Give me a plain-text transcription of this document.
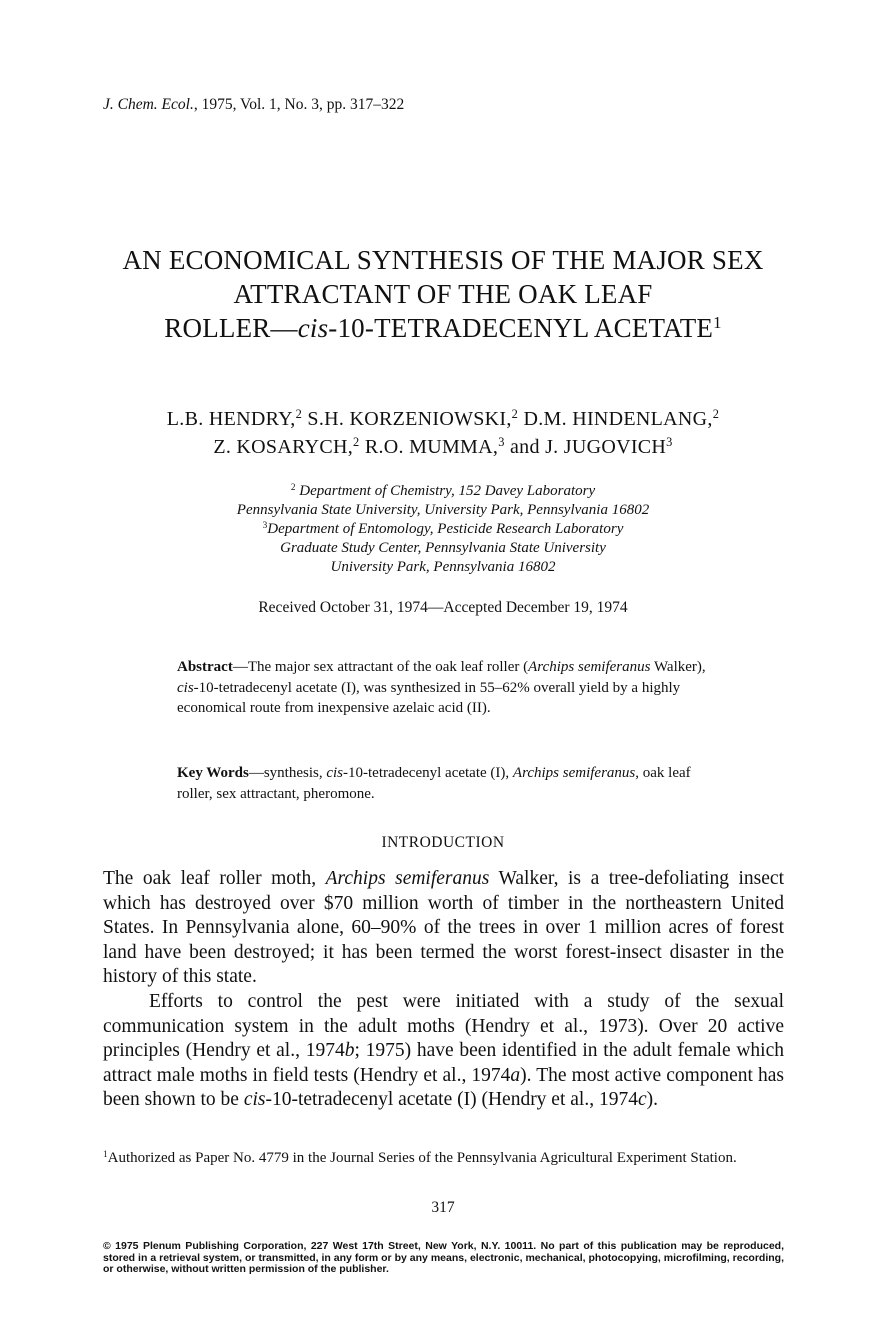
J. Chem. Ecol., 1975, Vol. 1, No. 3, pp. 317–322
AN ECONOMICAL SYNTHESIS OF THE MAJOR SEX
ATTRACTANT OF THE OAK LEAF
ROLLER—cis-10-TETRADECENYL ACETATE$^1$
L.B. HENDRY,$^2$ S.H. KORZENIOWSKI,$^2$ D.M. HINDENLANG,$^2$
Z. KOSARYCH,$^2$ R.O. MUMMA,$^3$ and J. JUGOVICH$^3$
$^2$ Department of Chemistry, 152 Davey Laboratory
Pennsylvania State University, University Park, Pennsylvania 16802
$^3$Department of Entomology, Pesticide Research Laboratory
Graduate Study Center, Pennsylvania State University
University Park, Pennsylvania 16802
Received October 31, 1974—Accepted December 19, 1974
Abstract—The major sex attractant of the oak leaf roller (Archips semiferanus Walker), cis-10-tetradecenyl acetate (I), was synthesized in 55–62% overall yield by a highly economical route from inexpensive azelaic acid (II).
Key Words—synthesis, cis-10-tetradecenyl acetate (I), Archips semiferanus, oak leaf roller, sex attractant, pheromone.
INTRODUCTION

The oak leaf roller moth, Archips semiferanus Walker, is a tree-defoliating insect which has destroyed over $70 million worth of timber in the northeastern United States. In Pennsylvania alone, 60–90% of the trees in over 1 million acres of forest land have been destroyed; it has been termed the worst forest-insect disaster in the history of this state.

Efforts to control the pest were initiated with a study of the sexual communication system in the adult moths (Hendry et al., 1973). Over 20 active principles (Hendry et al., 1974b; 1975) have been identified in the adult female which attract male moths in field tests (Hendry et al., 1974a). The most active component has been shown to be cis-10-tetradecenyl acetate (I) (Hendry et al., 1974c).

$^1$Authorized as Paper No. 4779 in the Journal Series of the Pennsylvania Agricultural Experiment Station.
317
© 1975 Plenum Publishing Corporation, 227 West 17th Street, New York, N.Y. 10011. No part of this publication may be reproduced, stored in a retrieval system, or transmitted, in any form or by any means, electronic, mechanical, photocopying, microfilming, recording, or otherwise, without written permission of the publisher.
